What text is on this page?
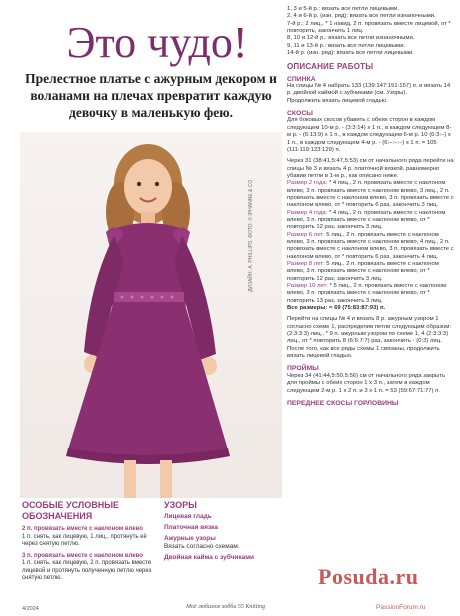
Это чудо!
Прелестное платье с ажурным декором и воланами на плечах превратит каждую девочку в маленькую фею.
ДИЗАЙН: A. PHILLIPS. ФОТО: © IPHANNE & CO.
ОСОБЫЕ УСЛОВНЫЕ ОБОЗНАЧЕНИЯ

2 п. провязать вместе с наклоном влево
1 п. снять, как лицевую, 1 лиц., протянуть её через снятую петлю.

3 п. провязать вместе с наклоном влево
1 п. снять, как лицевую, 2 п. провязать вместе лицевой и протянуть полученную петлю через снятую петлю.

УЗОРЫ
Лицевая гладь
Платочная вязка
Ажурные узоры
Вязать согласно схемам.
Двойная кайма с зубчиками
4/2024	Моё любимое хобби 55 Knitting

1, 3 и 5-й р.: вязать все петли лицевыми.

2, 4 и 6-й р. (изн. ряд): вязать все петли изнаночными.

7-й р.: 2 лиц., * 1 накид, 2 п. провязать вместе лицевой, от * повторить, закончить 1 лиц.

8, 10 и 12-й р.: вязать все петли изнаночными.

9, 11 и 13-й р.: вязать все петли лицевыми.

14-й р. (изн. ряд): вязать все петли лицевыми.

ОПИСАНИЕ РАБОТЫ

СПИНКА

На спицы № 4 набрать 133 (139:147:151:157) п. и вязать 14 р. двойной каймой с зубчиками (см. Узоры).

Продолжить вязать лицевой гладью.

СКОСЫ

Для боковых скосов убавить с обеих сторон в каждом следующем 10-м р. - (3:3:14) x 1 п., в каждом следующем 8-м р. - (6:13:9) x 1 п., в каждом следующем 6-м р. 10 (6:3:–) x 1 п., в каждом следующем 4-м р. - (6:–:–:–) x 1 п. = 105 (111:119:123:129) п.

Через 31 (38:41,5:47,5:53) см от начального ряда перейти на спицы № 3 и вязать 4 р. платочной вязкой, равномерно убавив петли в 1-м р., как описано ниже.

Размер 2 года: * 4 лиц., 2 п. провязать вместе с наклоном влево, 3 п. провязать вместе с наклоном влево, 3 лиц., 2 п. провязать вместе с наклоном влево, 3 п. провязать вместе с наклоном влево, от * повторить 6 раз, закончить 3 лиц.

Размер 4 года: * 4 лиц., 2 п. провязать вместе с наклоном влево, 3 п. провязать вместе с наклоном влево, от * повторить 12 раз, закончить 3 лиц.

Размер 6 лет: 5 лиц., 2 п. провязать вместе с наклоном влево, 3 п. провязать вместе с наклоном влево, 4 лиц., 2 п. провязать вместе с наклоном влево, 3 п. провязать вместе с наклоном влево, от * повторить 6 раз, закончить 4 лиц.

Размер 8 лет: 5 лиц., 2 п. провязать вместе с наклоном влево, 3 п. провязать вместе с наклоном влево, от * повторить 12 раз, закончить 3 лиц.

Размер 10 лет: * 5 лиц., 2 п. провязать вместе с наклоном влево, 3 п. провязать вместе с наклоном влево, от * повторить 13 раз, закончить 3 лиц.

Все размеры: = 69 (75:83:87:93) п.

Перейти на спицы № 4 и вязать 8 р. ажурным узором 1 согласно схеме 1, распределив петли следующим образом: (2:3:3:3) лиц., * 9 п. ажурным узором по схеме 1, 4 (2:3:3:3) лиц., от * повторить 8 (6:6:7:7) раз, закончить - (0:3) лиц.

После того, как все ряды схемы 1 связаны, продолжить вязать лицевой гладью.

ПРОЙМЫ

Через 34 (41:44,5:50,5:56) см от начального ряда закрыть для проймы с обеих сторон 1 x 3 п., затем в каждом следующем 2-м р. 1 x 2 п. и 3 x 1 п. = 53 (59:67:71:77) п.

ПЕРЕДНЕЕ СКОСЫ ГОРЛОВИНЫ

Posuda.ru
PassionForum.ru
